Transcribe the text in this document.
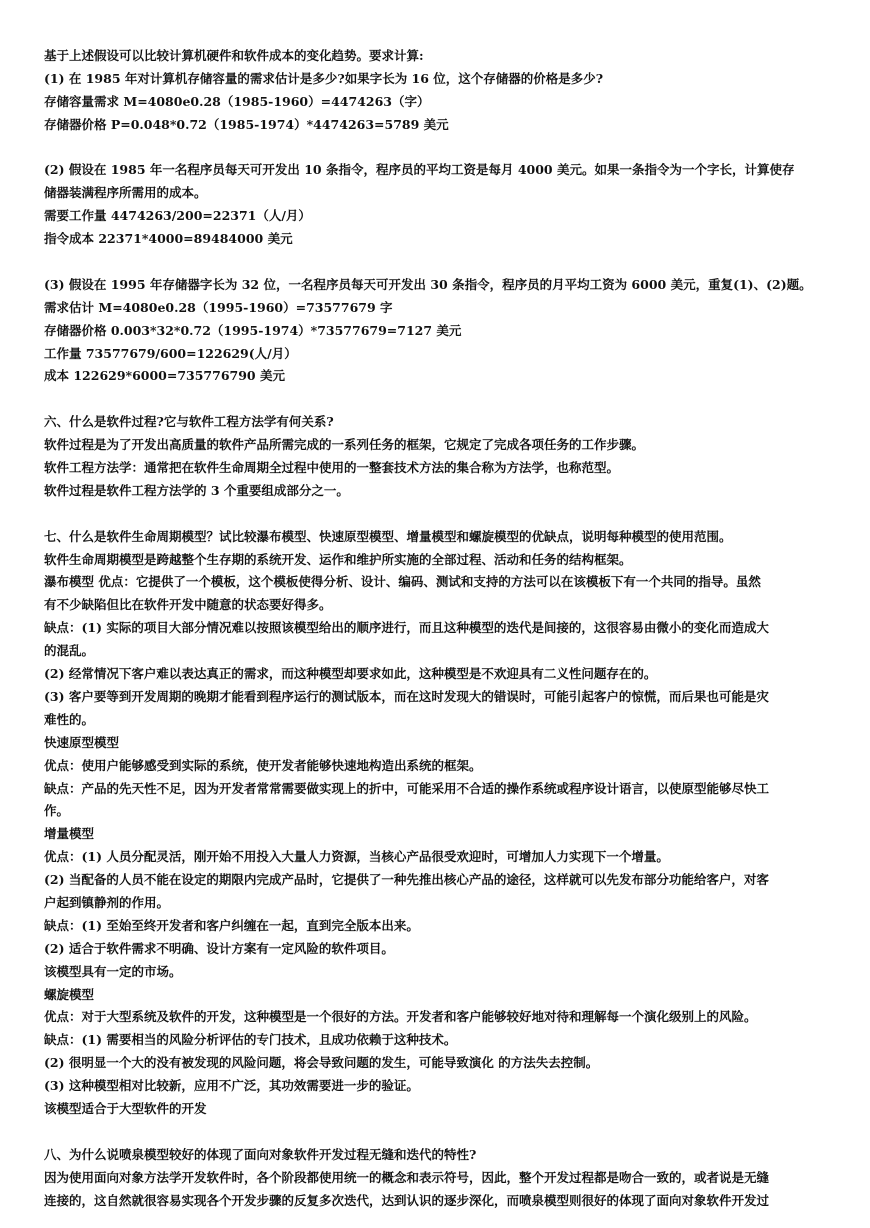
基于上述假设可以比较计算机硬件和软件成本的变化趋势。要求计算:
(1) 在 1985 年对计算机存储容量的需求估计是多少?如果字长为 16 位，这个存储器的价格是多少?
存储容量需求 M=4080e0.28（1985-1960）=4474263（字）
存储器价格 P=0.048*0.72（1985-1974）*4474263=5789 美元
(2) 假设在 1985 年一名程序员每天可开发出 10 条指令，程序员的平均工资是每月 4000 美元。如果一条指令为一个字长，计算使存
储器装满程序所需用的成本。
需要工作量 4474263/200=22371（人/月）
指令成本 22371*4000=89484000 美元
(3) 假设在 1995 年存储器字长为 32 位，一名程序员每天可开发出 30 条指令，程序员的月平均工资为 6000 美元，重复(1)、(2)题。
需求估计 M=4080e0.28（1995-1960）=73577679 字
存储器价格 0.003*32*0.72（1995-1974）*73577679=7127 美元
工作量 73577679/600=122629(人/月）
成本 122629*6000=735776790 美元
六、什么是软件过程?它与软件工程方法学有何关系?
软件过程是为了开发出高质量的软件产品所需完成的一系列任务的框架，它规定了完成各项任务的工作步骤。
软件工程方法学：通常把在软件生命周期全过程中使用的一整套技术方法的集合称为方法学，也称范型。
软件过程是软件工程方法学的 3 个重要组成部分之一。
七、什么是软件生命周期模型？试比较瀑布模型、快速原型模型、增量模型和螺旋模型的优缺点，说明每种模型的使用范围。
软件生命周期模型是跨越整个生存期的系统开发、运作和维护所实施的全部过程、活动和任务的结构框架。
瀑布模型 优点：它提供了一个模板，这个模板使得分析、设计、编码、测试和支持的方法可以在该模板下有一个共同的指导。虽然
有不少缺陷但比在软件开发中随意的状态要好得多。
缺点：(1) 实际的项目大部分情况难以按照该模型给出的顺序进行，而且这种模型的迭代是间接的，这很容易由微小的变化而造成大
的混乱。
(2) 经常情况下客户难以表达真正的需求，而这种模型却要求如此，这种模型是不欢迎具有二义性问题存在的。
(3) 客户要等到开发周期的晚期才能看到程序运行的测试版本，而在这时发现大的错误时，可能引起客户的惊慌，而后果也可能是灾
难性的。
快速原型模型
优点：使用户能够感受到实际的系统，使开发者能够快速地构造出系统的框架。
缺点：产品的先天性不足，因为开发者常常需要做实现上的折中，可能采用不合适的操作系统或程序设计语言，以使原型能够尽快工
作。
增量模型
优点：(1) 人员分配灵活，刚开始不用投入大量人力资源，当核心产品很受欢迎时，可增加人力实现下一个增量。
(2) 当配备的人员不能在设定的期限内完成产品时，它提供了一种先推出核心产品的途径，这样就可以先发布部分功能给客户，对客
户起到镇静剂的作用。
缺点：(1) 至始至终开发者和客户纠缠在一起，直到完全版本出来。
(2) 适合于软件需求不明确、设计方案有一定风险的软件项目。
该模型具有一定的市场。
螺旋模型
优点：对于大型系统及软件的开发，这种模型是一个很好的方法。开发者和客户能够较好地对待和理解每一个演化级别上的风险。
缺点：(1) 需要相当的风险分析评估的专门技术，且成功依赖于这种技术。
(2) 很明显一个大的没有被发现的风险问题，将会导致问题的发生，可能导致演化 的方法失去控制。
(3) 这种模型相对比较新，应用不广泛，其功效需要进一步的验证。
该模型适合于大型软件的开发
八、为什么说喷泉模型较好的体现了面向对象软件开发过程无缝和迭代的特性?
因为使用面向对象方法学开发软件时，各个阶段都使用统一的概念和表示符号，因此，整个开发过程都是吻合一致的，或者说是无缝
连接的，这自然就很容易实现各个开发步骤的反复多次迭代，达到认识的逐步深化，而喷泉模型则很好的体现了面向对象软件开发过
